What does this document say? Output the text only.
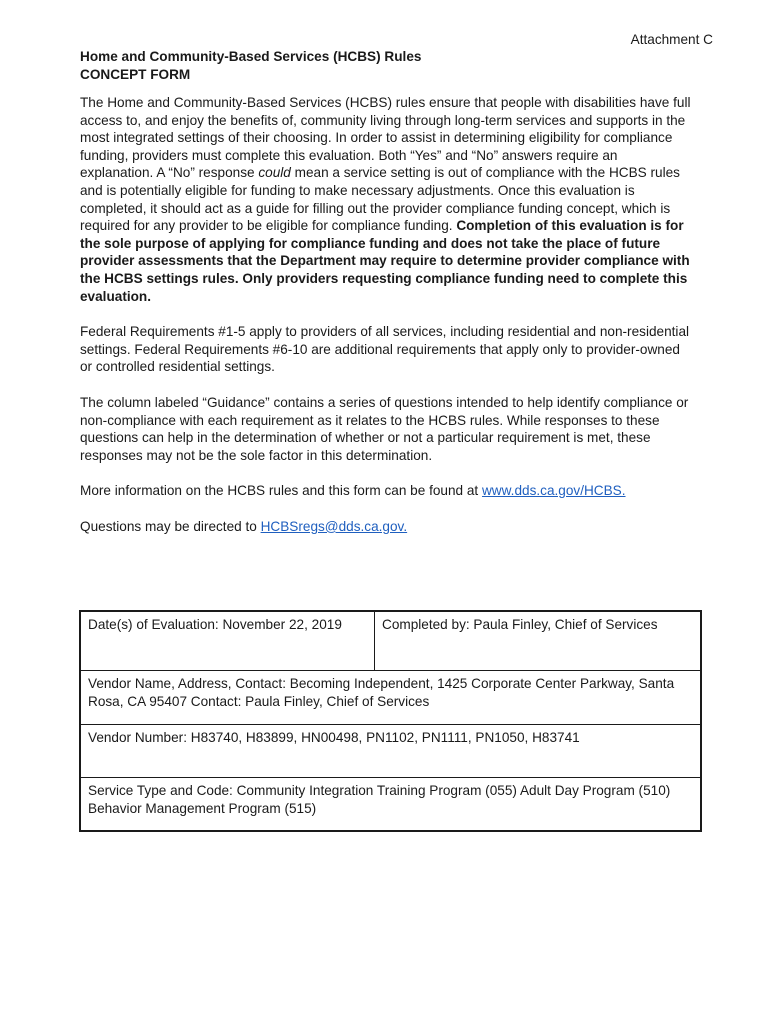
Attachment C
Home and Community-Based Services (HCBS) Rules
CONCEPT FORM

The Home and Community-Based Services (HCBS) rules ensure that people with disabilities have full access to, and enjoy the benefits of, community living through long-term services and supports in the most integrated settings of their choosing. In order to assist in determining eligibility for compliance funding, providers must complete this evaluation. Both “Yes” and “No” answers require an explanation. A “No” response could mean a service setting is out of compliance with the HCBS rules and is potentially eligible for funding to make necessary adjustments. Once this evaluation is completed, it should act as a guide for filling out the provider compliance funding concept, which is required for any provider to be eligible for compliance funding. Completion of this evaluation is for the sole purpose of applying for compliance funding and does not take the place of future provider assessments that the Department may require to determine provider compliance with the HCBS settings rules. Only providers requesting compliance funding need to complete this evaluation.

Federal Requirements #1-5 apply to providers of all services, including residential and non-residential settings. Federal Requirements #6-10 are additional requirements that apply only to provider-owned or controlled residential settings.

The column labeled “Guidance” contains a series of questions intended to help identify compliance or non-compliance with each requirement as it relates to the HCBS rules. While responses to these questions can help in the determination of whether or not a particular requirement is met, these responses may not be the sole factor in this determination.

More information on the HCBS rules and this form can be found at www.dds.ca.gov/HCBS.

Questions may be directed to HCBSregs@dds.ca.gov.

Date(s) of Evaluation: November 22, 2019	Completed by: Paula Finley, Chief of Services
Vendor Name, Address, Contact: Becoming Independent, 1425 Corporate Center Parkway, Santa Rosa, CA 95407 Contact: Paula Finley, Chief of Services
Vendor Number: H83740, H83899, HN00498, PN1102, PN1111, PN1050, H83741
Service Type and Code: Community Integration Training Program (055) Adult Day Program (510) Behavior Management Program (515)
